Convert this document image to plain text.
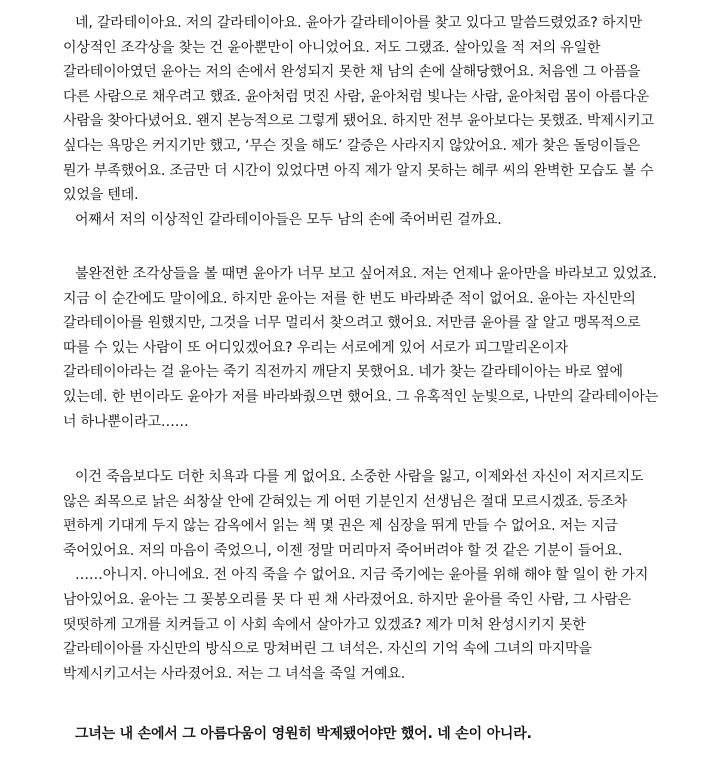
네, 갈라테이아요. 저의 갈라테이아요. 윤아가 갈라테이아를 찾고 있다고 말씀드렸었죠? 하지만
이상적인 조각상을 찾는 건 윤아뿐만이 아니었어요. 저도 그랬죠. 살아있을 적 저의 유일한
갈라테이아였던 윤아는 저의 손에서 완성되지 못한 채 남의 손에 살해당했어요. 처음엔 그 아픔을
다른 사람으로 채우려고 했죠. 윤아처럼 멋진 사람, 윤아처럼 빛나는 사람, 윤아처럼 몸이 아름다운
사람을 찾아다녔어요. 왠지 본능적으로 그렇게 됐어요. 하지만 전부 윤아보다는 못했죠. 박제시키고
싶다는 욕망은 커지기만 했고, ‘무슨 짓을 해도’ 갈증은 사라지지 않았어요. 제가 찾은 돌덩이들은
뭔가 부족했어요. 조금만 더 시간이 있었다면 아직 제가 알지 못하는 헤쿠 씨의 완벽한 모습도 볼 수
있었을 텐데.
어째서 저의 이상적인 갈라테이아들은 모두 남의 손에 죽어버린 걸까요.
불완전한 조각상들을 볼 때면 윤아가 너무 보고 싶어져요. 저는 언제나 윤아만을 바라보고 있었죠.
지금 이 순간에도 말이에요. 하지만 윤아는 저를 한 번도 바라봐준 적이 없어요. 윤아는 자신만의
갈라테이아를 원했지만, 그것을 너무 멀리서 찾으려고 했어요. 저만큼 윤아를 잘 알고 맹목적으로
따를 수 있는 사람이 또 어디있겠어요? 우리는 서로에게 있어 서로가 피그말리온이자
갈라테이아라는 걸 윤아는 죽기 직전까지 깨닫지 못했어요. 네가 찾는 갈라테이아는 바로 옆에
있는데. 한 번이라도 윤아가 저를 바라봐줬으면 했어요. 그 유혹적인 눈빛으로, 나만의 갈라테이아는
너 하나뿐이라고……
이건 죽음보다도 더한 치욕과 다를 게 없어요. 소중한 사람을 잃고, 이제와선 자신이 저지르지도
않은 죄목으로 낡은 쇠창살 안에 갇혀있는 게 어떤 기분인지 선생님은 절대 모르시겠죠. 등조차
편하게 기대게 두지 않는 감옥에서 읽는 책 몇 권은 제 심장을 뛰게 만들 수 없어요. 저는 지금
죽어있어요. 저의 마음이 죽었으니, 이젠 정말 머리마저 죽어버려야 할 것 같은 기분이 들어요.
……아니지. 아니에요. 전 아직 죽을 수 없어요. 지금 죽기에는 윤아를 위해 해야 할 일이 한 가지
남아있어요. 윤아는 그 꽃봉오리를 못 다 핀 채 사라졌어요. 하지만 윤아를 죽인 사람, 그 사람은
떳떳하게 고개를 치켜들고 이 사회 속에서 살아가고 있겠죠? 제가 미처 완성시키지 못한
갈라테이아를 자신만의 방식으로 망쳐버린 그 녀석은. 자신의 기억 속에 그녀의 마지막을
박제시키고서는 사라졌어요. 저는 그 녀석을 죽일 거예요.
그녀는 내 손에서 그 아름다움이 영원히 박제됐어야만 했어. 네 손이 아니라.
